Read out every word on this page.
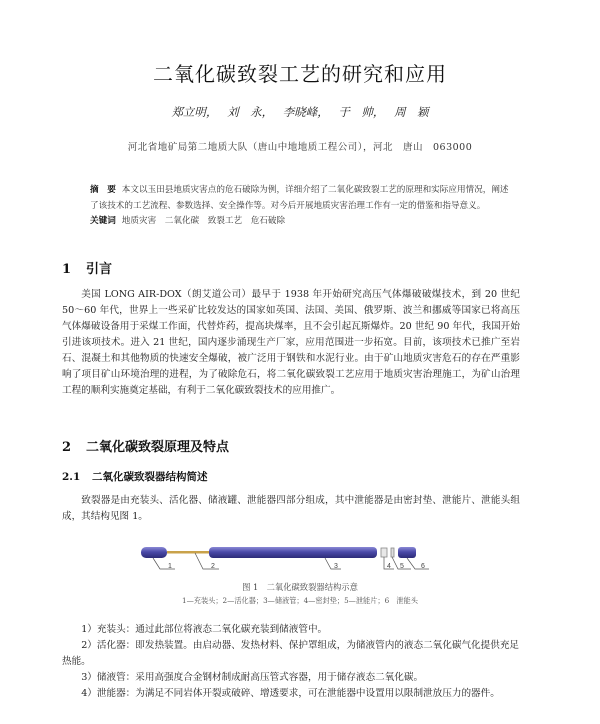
二氧化碳致裂工艺的研究和应用
郑立明， 刘　永， 李晓峰， 于　帅， 周　颖
河北省地矿局第二地质大队（唐山中地地质工程公司），河北　唐山　063000
摘　要 本文以玉田县地质灾害点的危石破除为例，详细介绍了二氧化碳致裂工艺的原理和实际应用情况，阐述了该技术的工艺流程、参数选择、安全操作等。对今后开展地质灾害治理工作有一定的借鉴和指导意义。
关键词 地质灾害　二氧化碳　致裂工艺　危石破除
1 引言
美国 LONG AIR-DOX（朗艾道公司）最早于 1938 年开始研究高压气体爆破破煤技术，到 20 世纪 50～60 年代，世界上一些采矿比较发达的国家如英国、法国、美国、俄罗斯、波兰和挪威等国家已将高压气体爆破设备用于采煤工作面，代替炸药，提高块煤率，且不会引起瓦斯爆炸。20 世纪 90 年代，我国开始引进该项技术。进入 21 世纪，国内逐步涌现生产厂家，应用范围进一步拓宽。目前，该项技术已推广至岩石、混凝土和其他物质的快速安全爆破，被广泛用于钢铁和水泥行业。由于矿山地质灾害危石的存在严重影响了项目矿山环境治理的进程，为了破除危石，将二氧化碳致裂工艺应用于地质灾害治理施工，为矿山治理工程的顺利实施奠定基础，有利于二氧化碳致裂技术的应用推广。
2 二氧化碳致裂原理及特点
2.1 二氧化碳致裂器结构简述
致裂器是由充装头、活化器、储液罐、泄能器四部分组成，其中泄能器是由密封垫、泄能片、泄能头组成，其结构见图 1。
1	2	3	4 5 6
图 1　二氧化碳致裂器结构示意
1—充装头；2—活化器；3—储液管；4—密封垫；5—泄能片；6　泄能头
1）充装头：通过此部位将液态二氧化碳充装到储液管中。
2）活化器：即发热装置。由启动器、发热材料、保护罩组成，为储液管内的液态二氧化碳气化提供充足热能。
3）储液管：采用高强度合金钢材制成耐高压管式容器，用于储存液态二氧化碳。
4）泄能器：为满足不同岩体开裂或破碎、增透要求，可在泄能器中设置用以限制泄放压力的器件。
